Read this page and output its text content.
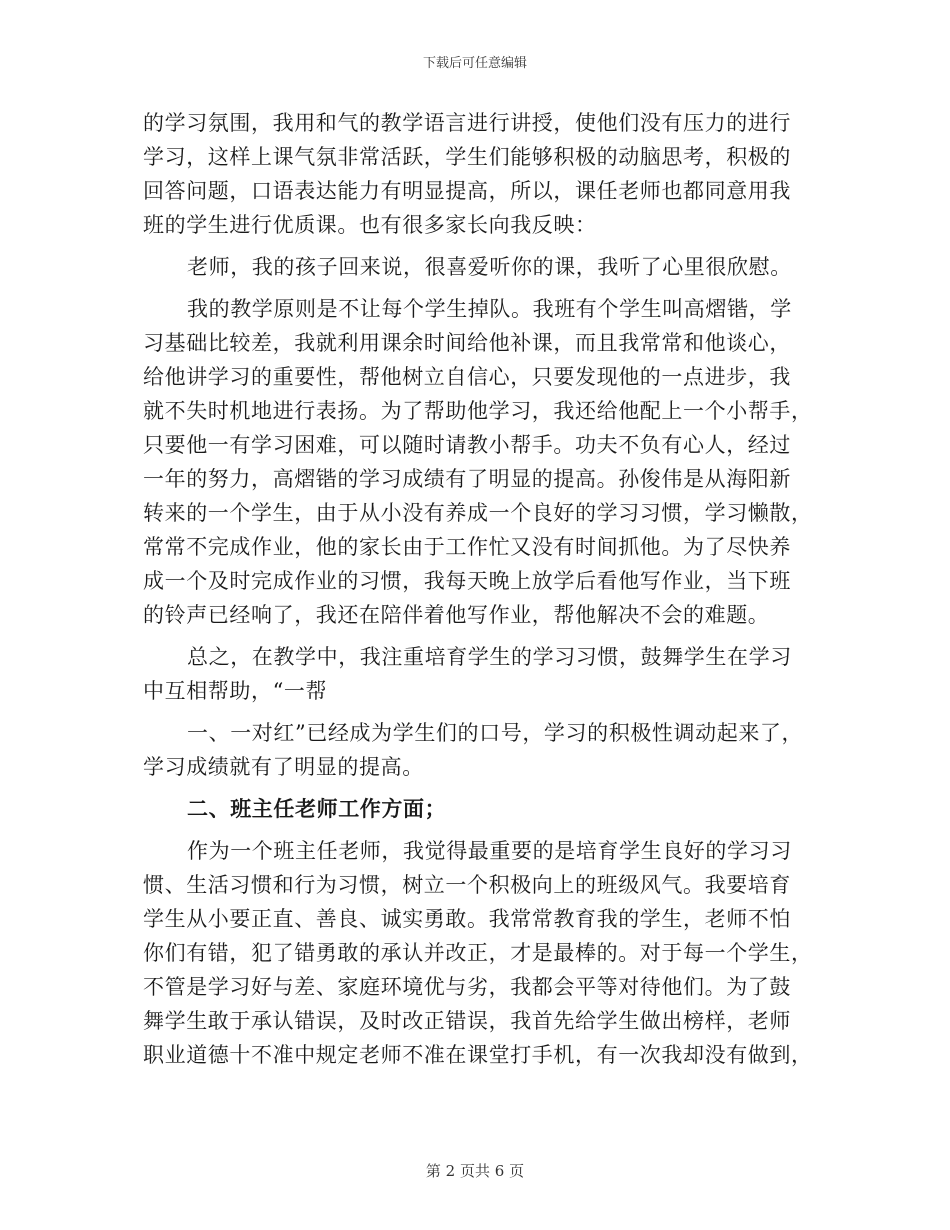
下载后可任意编辑
的学习氛围，我用和气的教学语言进行讲授，使他们没有压力的进行
学习，这样上课气氛非常活跃，学生们能够积极的动脑思考，积极的
回答问题，口语表达能力有明显提高，所以，课任老师也都同意用我
班的学生进行优质课。也有很多家长向我反映：
老师，我的孩子回来说，很喜爱听你的课，我听了心里很欣慰。
我的教学原则是不让每个学生掉队。我班有个学生叫高熠锴，学
习基础比较差，我就利用课余时间给他补课，而且我常常和他谈心，
给他讲学习的重要性，帮他树立自信心，只要发现他的一点进步，我
就不失时机地进行表扬。为了帮助他学习，我还给他配上一个小帮手，
只要他一有学习困难，可以随时请教小帮手。功夫不负有心人，经过
一年的努力，高熠锴的学习成绩有了明显的提高。孙俊伟是从海阳新
转来的一个学生，由于从小没有养成一个良好的学习习惯，学习懒散，
常常不完成作业，他的家长由于工作忙又没有时间抓他。为了尽快养
成一个及时完成作业的习惯，我每天晚上放学后看他写作业，当下班
的铃声已经响了，我还在陪伴着他写作业，帮他解决不会的难题。
总之，在教学中，我注重培育学生的学习习惯，鼓舞学生在学习
中互相帮助，“一帮
一、一对红”已经成为学生们的口号，学习的积极性调动起来了，
学习成绩就有了明显的提高。
二、班主任老师工作方面；
作为一个班主任老师，我觉得最重要的是培育学生良好的学习习
惯、生活习惯和行为习惯，树立一个积极向上的班级风气。我要培育
学生从小要正直、善良、诚实勇敢。我常常教育我的学生，老师不怕
你们有错，犯了错勇敢的承认并改正，才是最棒的。对于每一个学生，
不管是学习好与差、家庭环境优与劣，我都会平等对待他们。为了鼓
舞学生敢于承认错误，及时改正错误，我首先给学生做出榜样，老师
职业道德十不准中规定老师不准在课堂打手机，有一次我却没有做到，
第 2 页共 6 页
